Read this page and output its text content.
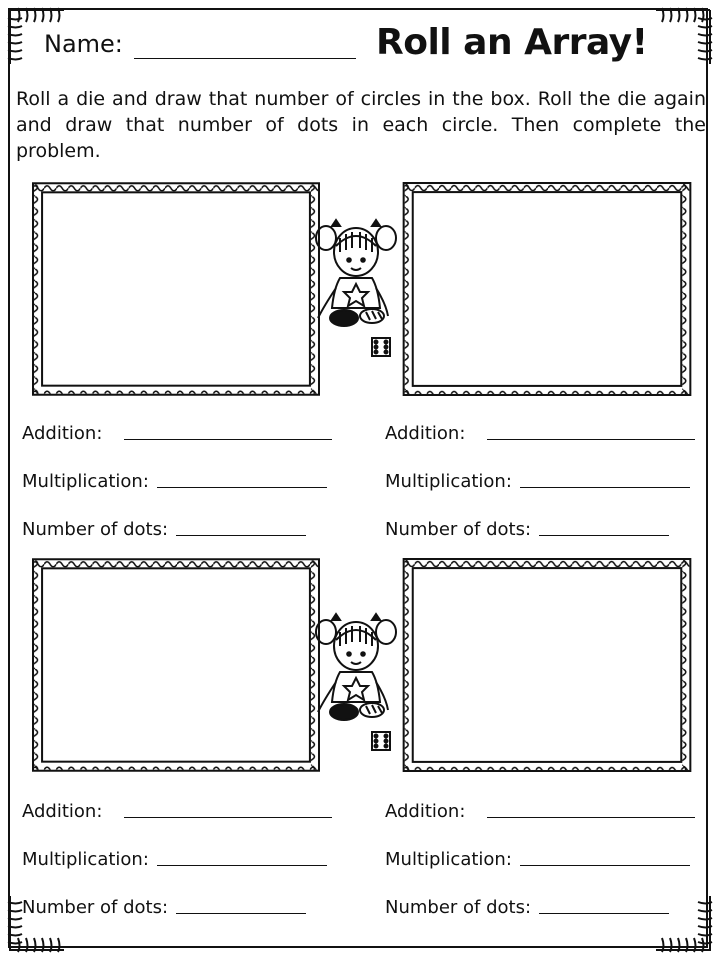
Name:	Roll an Array!
Roll a die and draw that number of circles in the box. Roll the die again and draw that number of dots in each circle. Then complete the problem.
Addition:
Multiplication:
Number of dots:
Addition:
Multiplication:
Number of dots:
Addition:
Multiplication:
Number of dots:
Addition:
Multiplication:
Number of dots:
